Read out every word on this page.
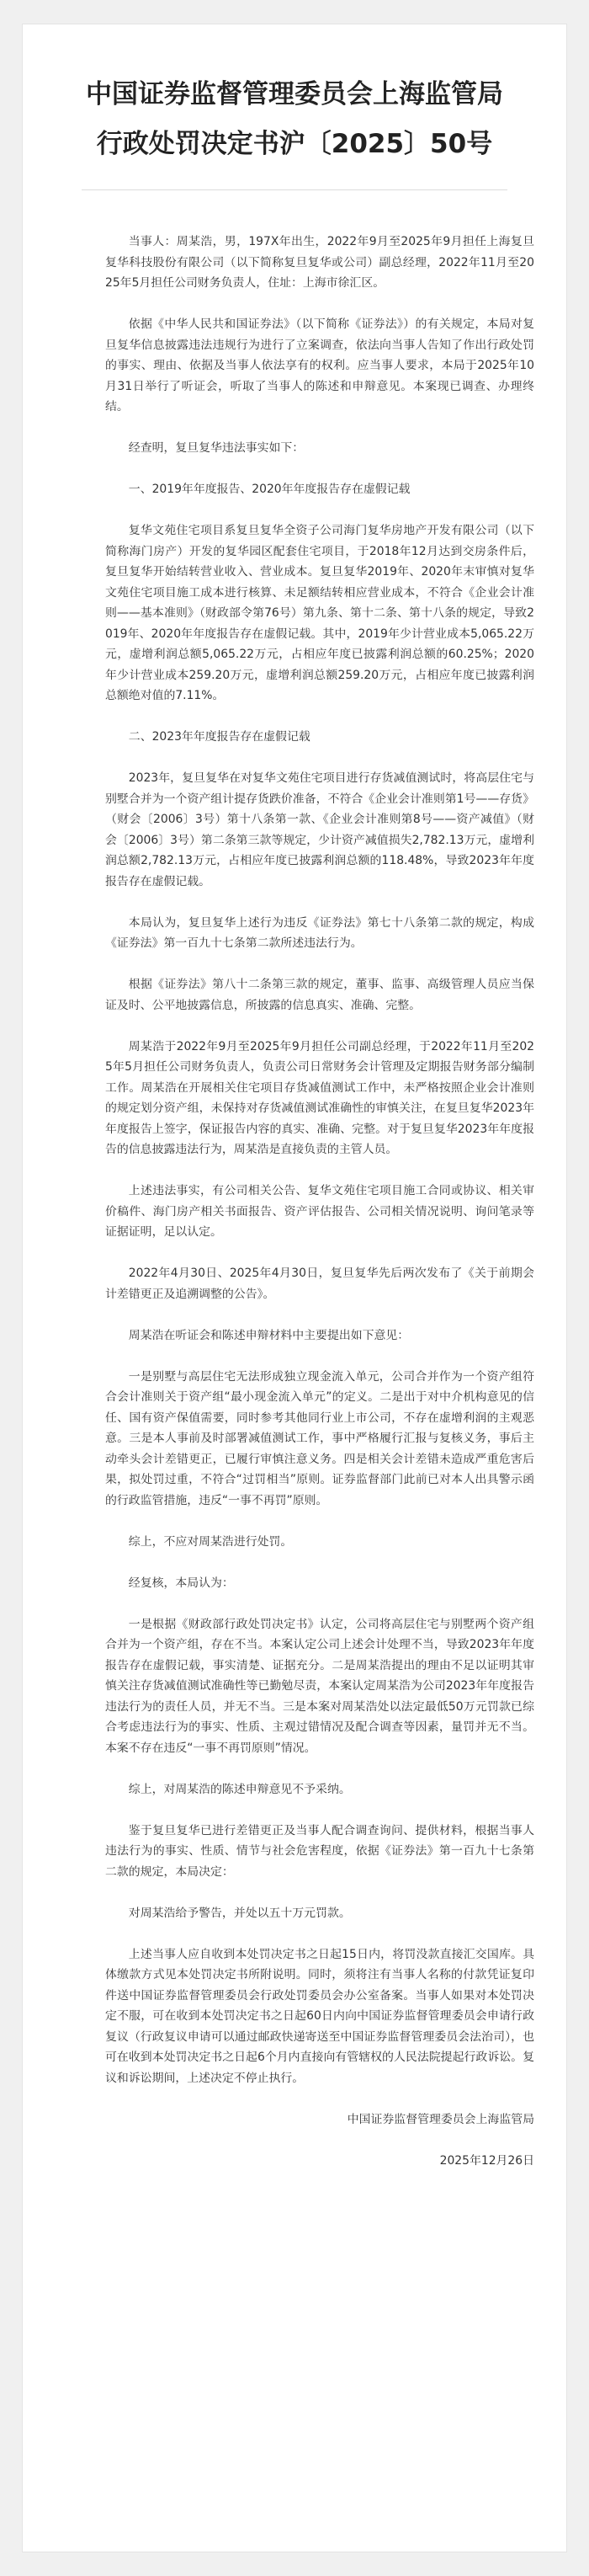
中国证券监督管理委员会上海监管局
行政处罚决定书沪〔2025〕50号

当事人：周某浩，男，197X年出生，2022年9月至2025年9月担任上海复旦复华科技股份有限公司（以下简称复旦复华或公司）副总经理，2022年11月至2025年5月担任公司财务负责人，住址：上海市徐汇区。

依据《中华人民共和国证券法》（以下简称《证券法》）的有关规定，本局对复旦复华信息披露违法违规行为进行了立案调查，依法向当事人告知了作出行政处罚的事实、理由、依据及当事人依法享有的权利。应当事人要求，本局于2025年10月31日举行了听证会，听取了当事人的陈述和申辩意见。本案现已调查、办理终结。

经查明，复旦复华违法事实如下：

一、2019年年度报告、2020年年度报告存在虚假记载

复华文苑住宅项目系复旦复华全资子公司海门复华房地产开发有限公司（以下简称海门房产）开发的复华园区配套住宅项目，于2018年12月达到交房条件后，复旦复华开始结转营业收入、营业成本。复旦复华2019年、2020年末审慎对复华文苑住宅项目施工成本进行核算、未足额结转相应营业成本，不符合《企业会计准则——基本准则》（财政部令第76号）第九条、第十二条、第十八条的规定，导致2019年、2020年年度报告存在虚假记载。其中，2019年少计营业成本5,065.22万元，虚增利润总额5,065.22万元，占相应年度已披露利润总额的60.25%；2020年少计营业成本259.20万元，虚增利润总额259.20万元，占相应年度已披露利润总额绝对值的7.11%。

二、2023年年度报告存在虚假记载

2023年，复旦复华在对复华文苑住宅项目进行存货减值测试时，将高层住宅与别墅合并为一个资产组计提存货跌价准备，不符合《企业会计准则第1号——存货》（财会〔2006〕3号）第十八条第一款、《企业会计准则第8号——资产减值》（财会〔2006〕3号）第二条第三款等规定，少计资产减值损失2,782.13万元，虚增利润总额2,782.13万元，占相应年度已披露利润总额的118.48%，导致2023年年度报告存在虚假记载。

本局认为，复旦复华上述行为违反《证券法》第七十八条第二款的规定，构成《证券法》第一百九十七条第二款所述违法行为。

根据《证券法》第八十二条第三款的规定，董事、监事、高级管理人员应当保证及时、公平地披露信息，所披露的信息真实、准确、完整。

周某浩于2022年9月至2025年9月担任公司副总经理，于2022年11月至2025年5月担任公司财务负责人，负责公司日常财务会计管理及定期报告财务部分编制工作。周某浩在开展相关住宅项目存货减值测试工作中，未严格按照企业会计准则的规定划分资产组，未保持对存货减值测试准确性的审慎关注，在复旦复华2023年年度报告上签字，保证报告内容的真实、准确、完整。对于复旦复华2023年年度报告的信息披露违法行为，周某浩是直接负责的主管人员。

上述违法事实，有公司相关公告、复华文苑住宅项目施工合同或协议、相关审价稿件、海门房产相关书面报告、资产评估报告、公司相关情况说明、询问笔录等证据证明，足以认定。

2022年4月30日、2025年4月30日，复旦复华先后两次发布了《关于前期会计差错更正及追溯调整的公告》。

周某浩在听证会和陈述申辩材料中主要提出如下意见：

一是别墅与高层住宅无法形成独立现金流入单元，公司合并作为一个资产组符合会计准则关于资产组“最小现金流入单元”的定义。二是出于对中介机构意见的信任、国有资产保值需要，同时参考其他同行业上市公司，不存在虚增利润的主观恶意。三是本人事前及时部署减值测试工作，事中严格履行汇报与复核义务，事后主动牵头会计差错更正，已履行审慎注意义务。四是相关会计差错未造成严重危害后果，拟处罚过重，不符合“过罚相当”原则。证券监督部门此前已对本人出具警示函的行政监管措施，违反“一事不再罚”原则。

综上，不应对周某浩进行处罚。

经复核，本局认为：

一是根据《财政部行政处罚决定书》认定，公司将高层住宅与别墅两个资产组合并为一个资产组，存在不当。本案认定公司上述会计处理不当，导致2023年年度报告存在虚假记载，事实清楚、证据充分。二是周某浩提出的理由不足以证明其审慎关注存货减值测试准确性等已勤勉尽责，本案认定周某浩为公司2023年年度报告违法行为的责任人员，并无不当。三是本案对周某浩处以法定最低50万元罚款已综合考虑违法行为的事实、性质、主观过错情况及配合调查等因素，量罚并无不当。本案不存在违反“一事不再罚原则”情况。

综上，对周某浩的陈述申辩意见不予采纳。

鉴于复旦复华已进行差错更正及当事人配合调查询问、提供材料，根据当事人违法行为的事实、性质、情节与社会危害程度，依据《证券法》第一百九十七条第二款的规定，本局决定：

对周某浩给予警告，并处以五十万元罚款。

上述当事人应自收到本处罚决定书之日起15日内，将罚没款直接汇交国库。具体缴款方式见本处罚决定书所附说明。同时，须将注有当事人名称的付款凭证复印件送中国证券监督管理委员会行政处罚委员会办公室备案。当事人如果对本处罚决定不服，可在收到本处罚决定书之日起60日内向中国证券监督管理委员会申请行政复议（行政复议申请可以通过邮政快递寄送至中国证券监督管理委员会法治司），也可在收到本处罚决定书之日起6个月内直接向有管辖权的人民法院提起行政诉讼。复议和诉讼期间，上述决定不停止执行。

中国证券监督管理委员会上海监管局

2025年12月26日
